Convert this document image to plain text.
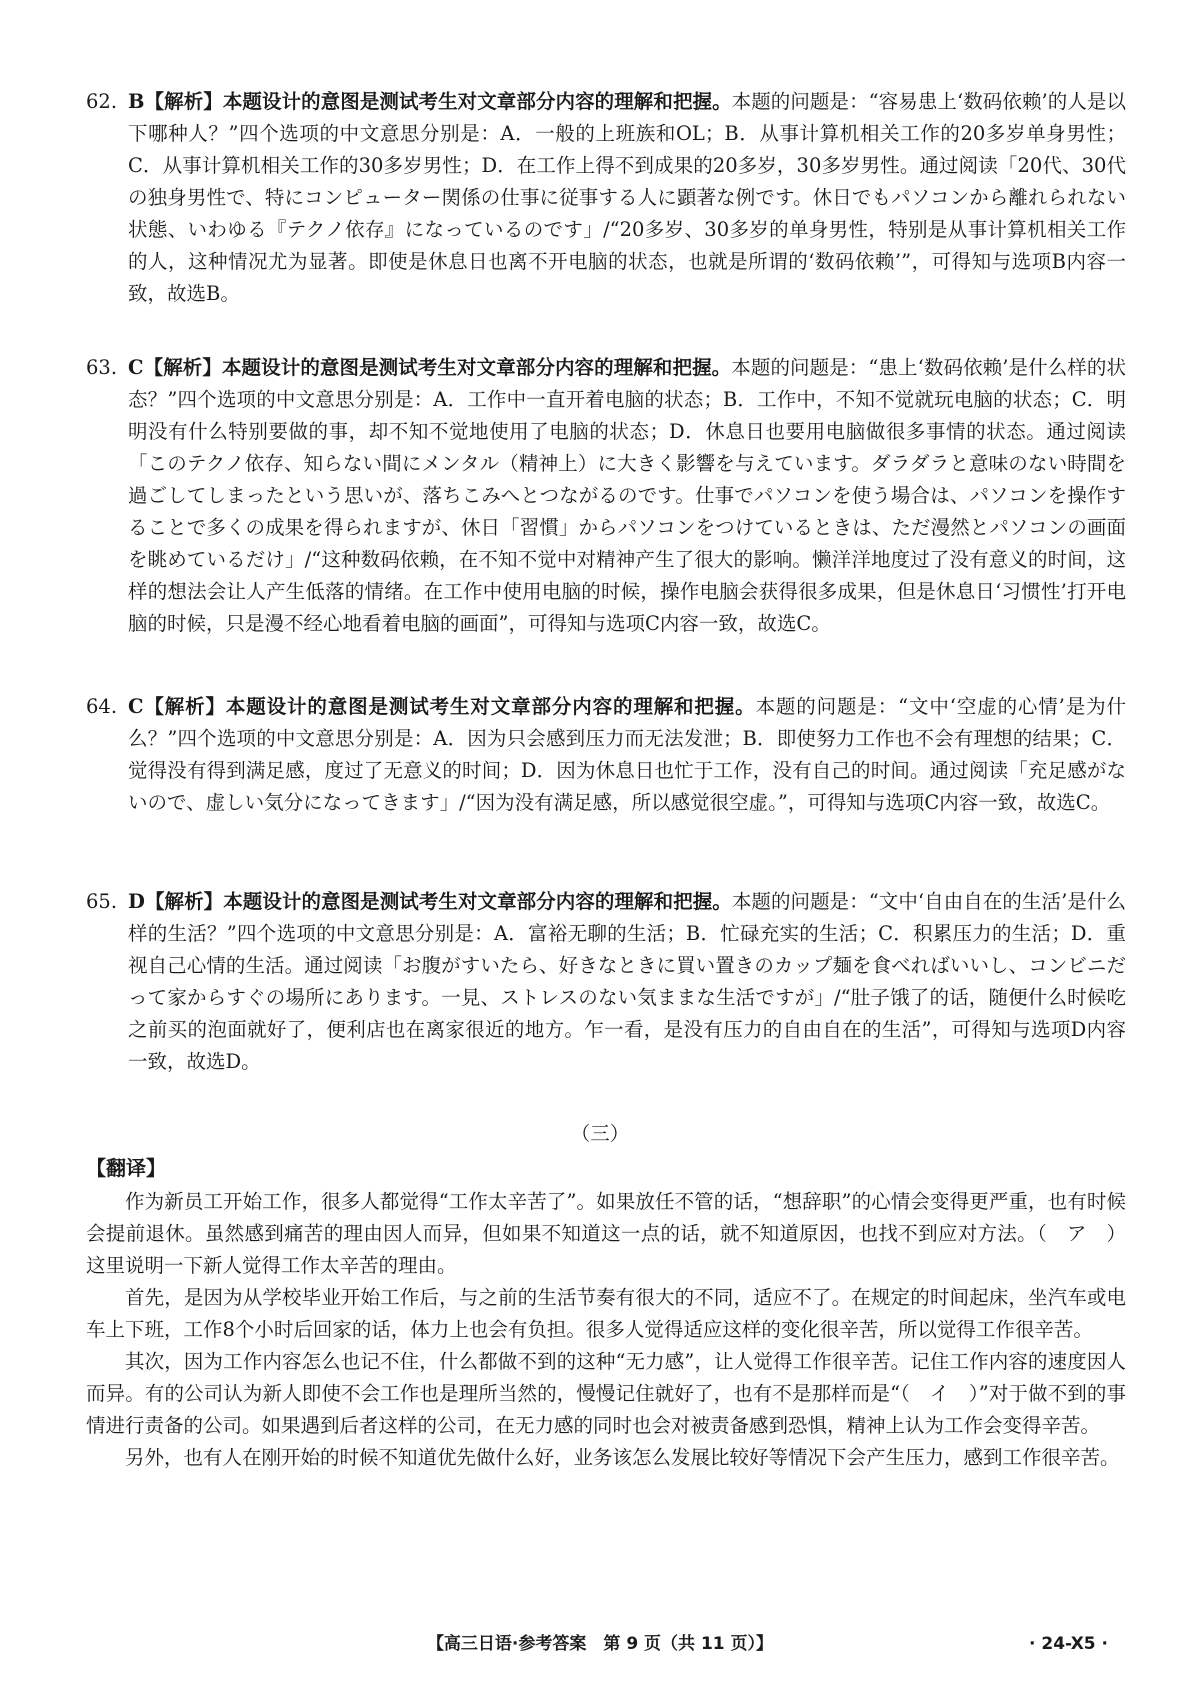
62. B【解析】本题设计的意图是测试考生对文章部分内容的理解和把握。本题的问题是：“容易患上‘数码依赖’的人是以下哪种人？”四个选项的中文意思分别是：A．一般的上班族和OL；B．从事计算机相关工作的20多岁单身男性；C．从事计算机相关工作的30多岁男性；D．在工作上得不到成果的20多岁，30多岁男性。通过阅读「20代、30代の独身男性で、特にコンピューター関係の仕事に従事する人に顕著な例です。休日でもパソコンから離れられない状態、いわゆる『テクノ依存』になっているのです」/“20多岁、30多岁的单身男性，特别是从事计算机相关工作的人，这种情况尤为显著。即使是休息日也离不开电脑的状态，也就是所谓的‘数码依赖’”，可得知与选项B内容一致，故选B。
63. C【解析】本题设计的意图是测试考生对文章部分内容的理解和把握。本题的问题是：“患上‘数码依赖’是什么样的状态？”四个选项的中文意思分别是：A．工作中一直开着电脑的状态；B．工作中，不知不觉就玩电脑的状态；C．明明没有什么特别要做的事，却不知不觉地使用了电脑的状态；D．休息日也要用电脑做很多事情的状态。通过阅读「このテクノ依存、知らない間にメンタル（精神上）に大きく影響を与えています。ダラダラと意味のない時間を過ごしてしまったという思いが、落ちこみへとつながるのです。仕事でパソコンを使う場合は、パソコンを操作することで多くの成果を得られますが、休日「習慣」からパソコンをつけているときは、ただ漫然とパソコンの画面を眺めているだけ」/“这种数码依赖，在不知不觉中对精神产生了很大的影响。懒洋洋地度过了没有意义的时间，这样的想法会让人产生低落的情绪。在工作中使用电脑的时候，操作电脑会获得很多成果，但是休息日‘习惯性’打开电脑的时候，只是漫不经心地看着电脑的画面”，可得知与选项C内容一致，故选C。
64. C【解析】本题设计的意图是测试考生对文章部分内容的理解和把握。本题的问题是：“文中‘空虚的心情’是为什么？”四个选项的中文意思分别是：A．因为只会感到压力而无法发泄；B．即使努力工作也不会有理想的结果；C．觉得没有得到满足感，度过了无意义的时间；D．因为休息日也忙于工作，没有自己的时间。通过阅读「充足感がないので、虚しい気分になってきます」/“因为没有满足感，所以感觉很空虚。”，可得知与选项C内容一致，故选C。
65. D【解析】本题设计的意图是测试考生对文章部分内容的理解和把握。本题的问题是：“文中‘自由自在的生活’是什么样的生活？”四个选项的中文意思分别是：A．富裕无聊的生活；B．忙碌充实的生活；C．积累压力的生活；D．重视自己心情的生活。通过阅读「お腹がすいたら、好きなときに買い置きのカップ麺を食べればいいし、コンビニだって家からすぐの場所にあります。一見、ストレスのない気ままな生活ですが」/“肚子饿了的话，随便什么时候吃之前买的泡面就好了，便利店也在离家很近的地方。乍一看，是没有压力的自由自在的生活”，可得知与选项D内容一致，故选D。
（三）
【翻译】

作为新员工开始工作，很多人都觉得“工作太辛苦了”。如果放任不管的话，“想辞职”的心情会变得更严重，也有时候会提前退休。虽然感到痛苦的理由因人而异，但如果不知道这一点的话，就不知道原因，也找不到应对方法。（　ア　）这里说明一下新人觉得工作太辛苦的理由。

首先，是因为从学校毕业开始工作后，与之前的生活节奏有很大的不同，适应不了。在规定的时间起床，坐汽车或电车上下班，工作8个小时后回家的话，体力上也会有负担。很多人觉得适应这样的变化很辛苦，所以觉得工作很辛苦。

其次，因为工作内容怎么也记不住，什么都做不到的这种“无力感”，让人觉得工作很辛苦。记住工作内容的速度因人而异。有的公司认为新人即使不会工作也是理所当然的，慢慢记住就好了，也有不是那样而是“（　イ　）”对于做不到的事情进行责备的公司。如果遇到后者这样的公司，在无力感的同时也会对被责备感到恐惧，精神上认为工作会变得辛苦。

另外，也有人在刚开始的时候不知道优先做什么好，业务该怎么发展比较好等情况下会产生压力，感到工作很辛苦。

【高三日语·参考答案　第 9 页（共 11 页）】	· 24-X5 ·
